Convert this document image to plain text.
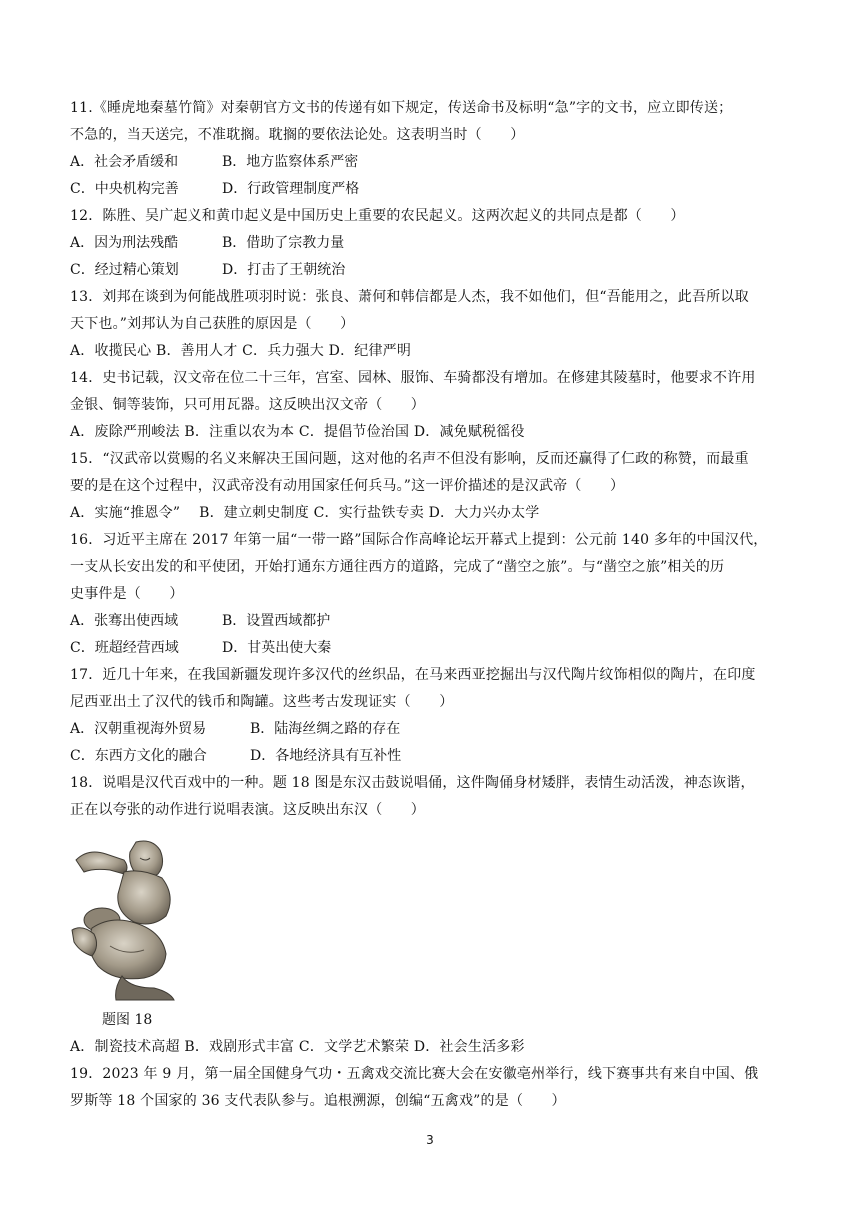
11.《睡虎地秦墓竹简》对秦朝官方文书的传递有如下规定，传送命书及标明“急”字的文书，应立即传送；
不急的，当天送完，不准耽搁。耽搁的要依法论处。这表明当时（　　）
A．社会矛盾缓和	B．地方监察体系严密
C．中央机构完善	D．行政管理制度严格
12．陈胜、吴广起义和黄巾起义是中国历史上重要的农民起义。这两次起义的共同点是都（　　）
A．因为刑法残酷	B．借助了宗教力量
C．经过精心策划	D．打击了王朝统治
13．刘邦在谈到为何能战胜项羽时说：张良、萧何和韩信都是人杰，我不如他们，但“吾能用之，此吾所以取
天下也。”刘邦认为自己获胜的原因是（　　）
A．收揽民心 B．善用人才 C．兵力强大 D．纪律严明
14．史书记载，汉文帝在位二十三年，宫室、园林、服饰、车骑都没有增加。在修建其陵墓时，他要求不许用
金银、铜等装饰，只可用瓦器。这反映出汉文帝（　　）
A．废除严刑峻法 B．注重以农为本 C．提倡节俭治国 D．减免赋税徭役
15．“汉武帝以赏赐的名义来解决王国问题，这对他的名声不但没有影响，反而还赢得了仁政的称赞，而最重
要的是在这个过程中，汉武帝没有动用国家任何兵马。”这一评价描述的是汉武帝（　　）
A．实施“推恩令”　 B．建立刺史制度 C．实行盐铁专卖 D．大力兴办太学
16．习近平主席在 2017 年第一届“一带一路”国际合作高峰论坛开幕式上提到：公元前 140 多年的中国汉代，
一支从长安出发的和平使团，开始打通东方通往西方的道路，完成了“凿空之旅”。与“凿空之旅”相关的历
史事件是（　　）
A．张骞出使西域	B．设置西域都护
C．班超经营西域	D．甘英出使大秦
17．近几十年来，在我国新疆发现许多汉代的丝织品，在马来西亚挖掘出与汉代陶片纹饰相似的陶片，在印度
尼西亚出土了汉代的钱币和陶罐。这些考古发现证实（　　）
A．汉朝重视海外贸易	B．陆海丝绸之路的存在
C．东西方文化的融合	D．各地经济具有互补性
18．说唱是汉代百戏中的一种。题 18 图是东汉击鼓说唱俑，这件陶俑身材矮胖，表情生动活泼，神态诙谐，
正在以夸张的动作进行说唱表演。这反映出东汉（　　）
题图 18
A．制瓷技术高超 B．戏剧形式丰富 C．文学艺术繁荣 D．社会生活多彩
19．2023 年 9 月，第一届全国健身气功・五禽戏交流比赛大会在安徽亳州举行，线下赛事共有来自中国、俄
罗斯等 18 个国家的 36 支代表队参与。追根溯源，创编“五禽戏”的是（　　）
3
